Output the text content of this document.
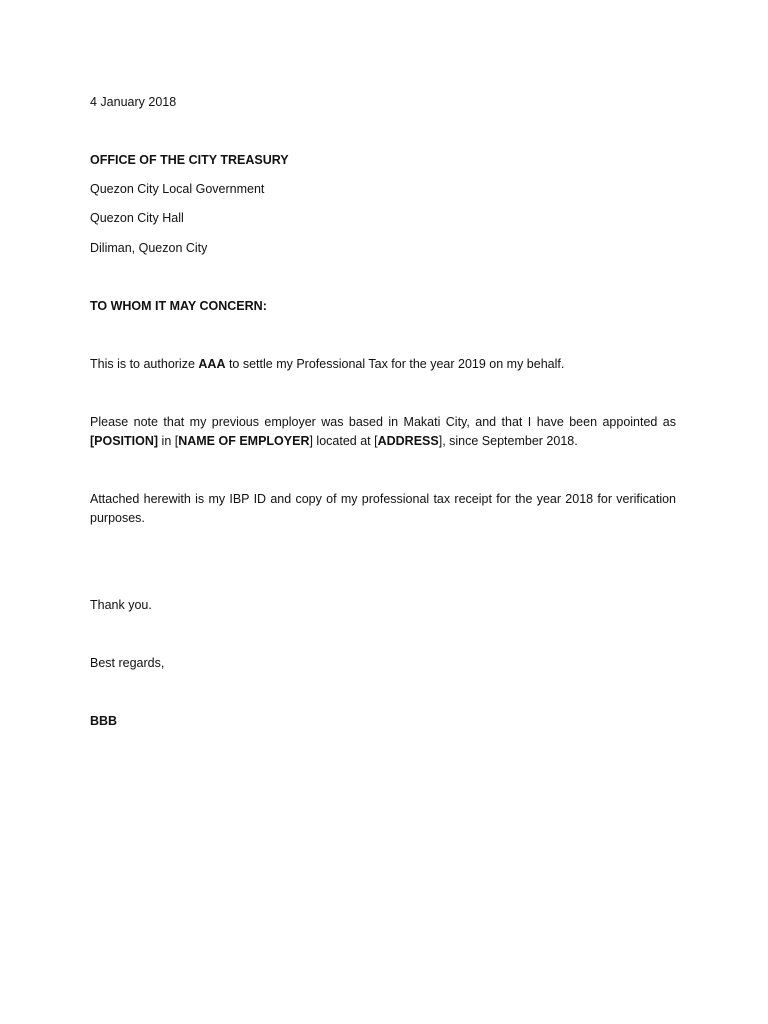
4 January 2018
OFFICE OF THE CITY TREASURY
Quezon City Local Government
Quezon City Hall
Diliman, Quezon City
TO WHOM IT MAY CONCERN:
This is to authorize AAA to settle my Professional Tax for the year 2019 on my behalf.
Please note that my previous employer was based in Makati City, and that I have been appointed as [POSITION] in [NAME OF EMPLOYER] located at [ADDRESS], since September 2018.
Attached herewith is my IBP ID and copy of my professional tax receipt for the year 2018 for verification purposes.
Thank you.
Best regards,
BBB
